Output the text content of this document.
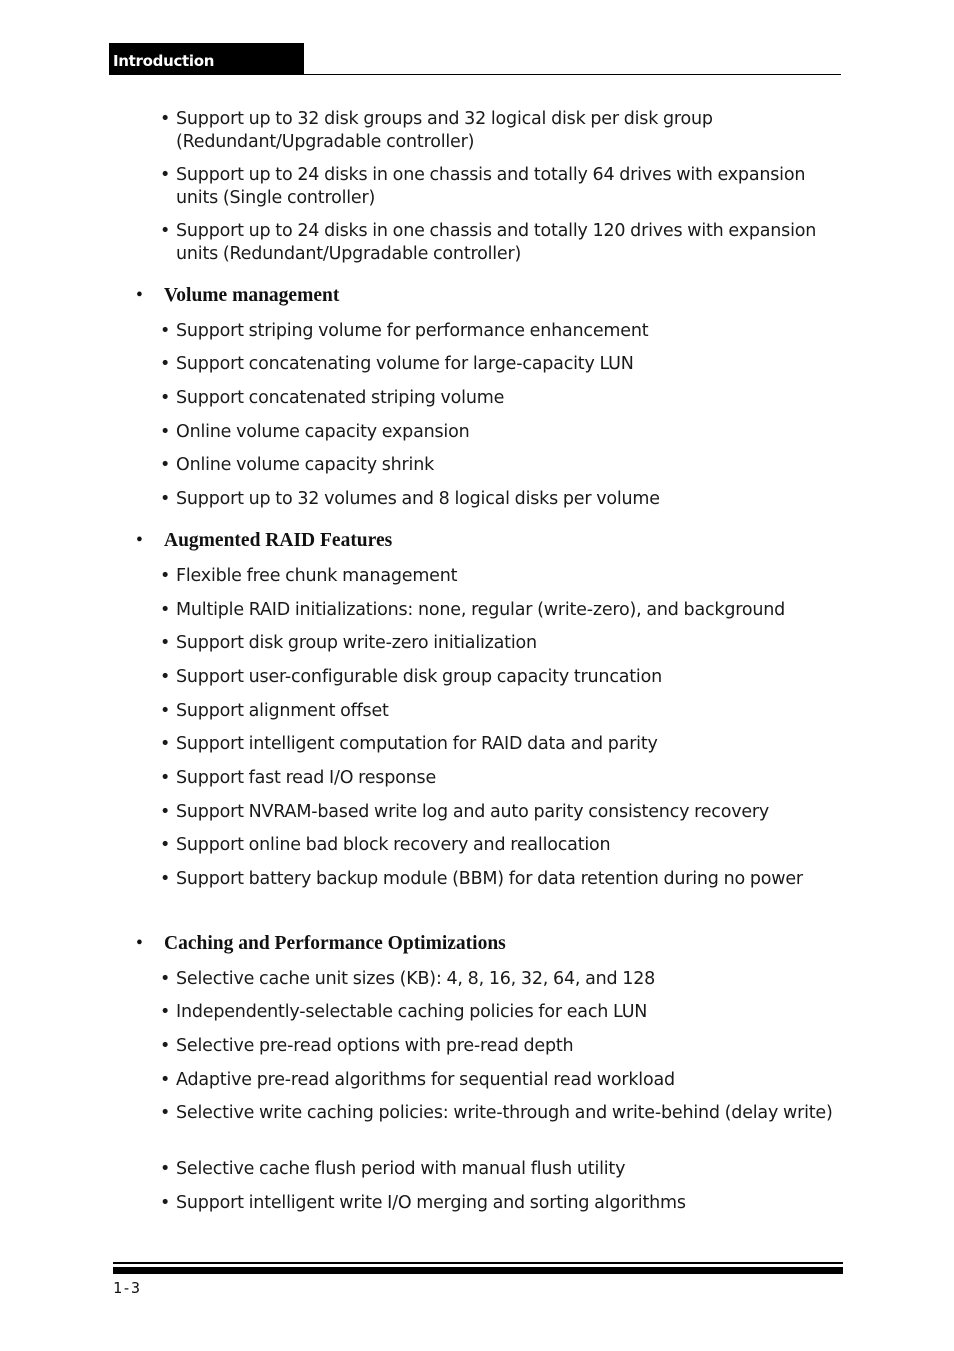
Introduction
• Support up to 32 disk groups and 32 logical disk per disk group (Redundant/Upgradable controller)
• Support up to 24 disks in one chassis and totally 64 drives with expansion units (Single controller)
• Support up to 24 disks in one chassis and totally 120 drives with expansion units (Redundant/Upgradable controller)
• Volume management
• Support striping volume for performance enhancement
• Support concatenating volume for large-capacity LUN
• Support concatenated striping volume
• Online volume capacity expansion
• Online volume capacity shrink
• Support up to 32 volumes and 8 logical disks per volume
• Augmented RAID Features
• Flexible free chunk management
• Multiple RAID initializations: none, regular (write-zero), and background
• Support disk group write-zero initialization
• Support user-configurable disk group capacity truncation
• Support alignment offset
• Support intelligent computation for RAID data and parity
• Support fast read I/O response
• Support NVRAM-based write log and auto parity consistency recovery
• Support online bad block recovery and reallocation
• Support battery backup module (BBM) for data retention during no power
• Caching and Performance Optimizations
• Selective cache unit sizes (KB): 4, 8, 16, 32, 64, and 128
• Independently-selectable caching policies for each LUN
• Selective pre-read options with pre-read depth
• Adaptive pre-read algorithms for sequential read workload
• Selective write caching policies: write-through and write-behind (delay write)
• Selective cache flush period with manual flush utility
• Support intelligent write I/O merging and sorting algorithms
1-3
